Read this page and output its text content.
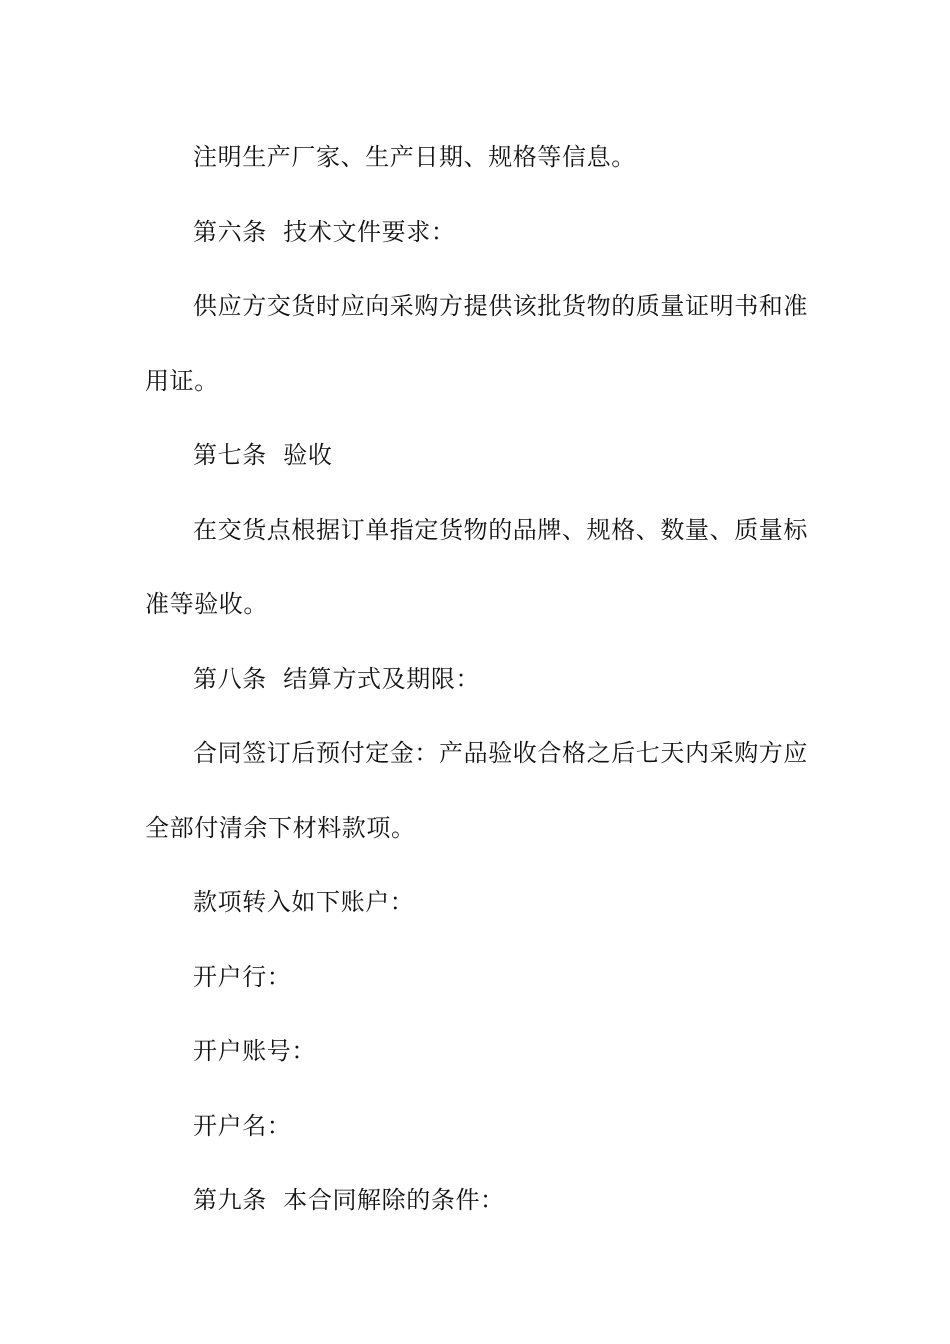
注明生产厂家、生产日期、规格等信息。

第六条  技术文件要求：

供应方交货时应向采购方提供该批货物的质量证明书和准用证。

第七条  验收

在交货点根据订单指定货物的品牌、规格、数量、质量标准等验收。

第八条  结算方式及期限：

合同签订后预付定金：产品验收合格之后七天内采购方应全部付清余下材料款项。

款项转入如下账户：

开户行：

开户账号：

开户名：

第九条  本合同解除的条件：
